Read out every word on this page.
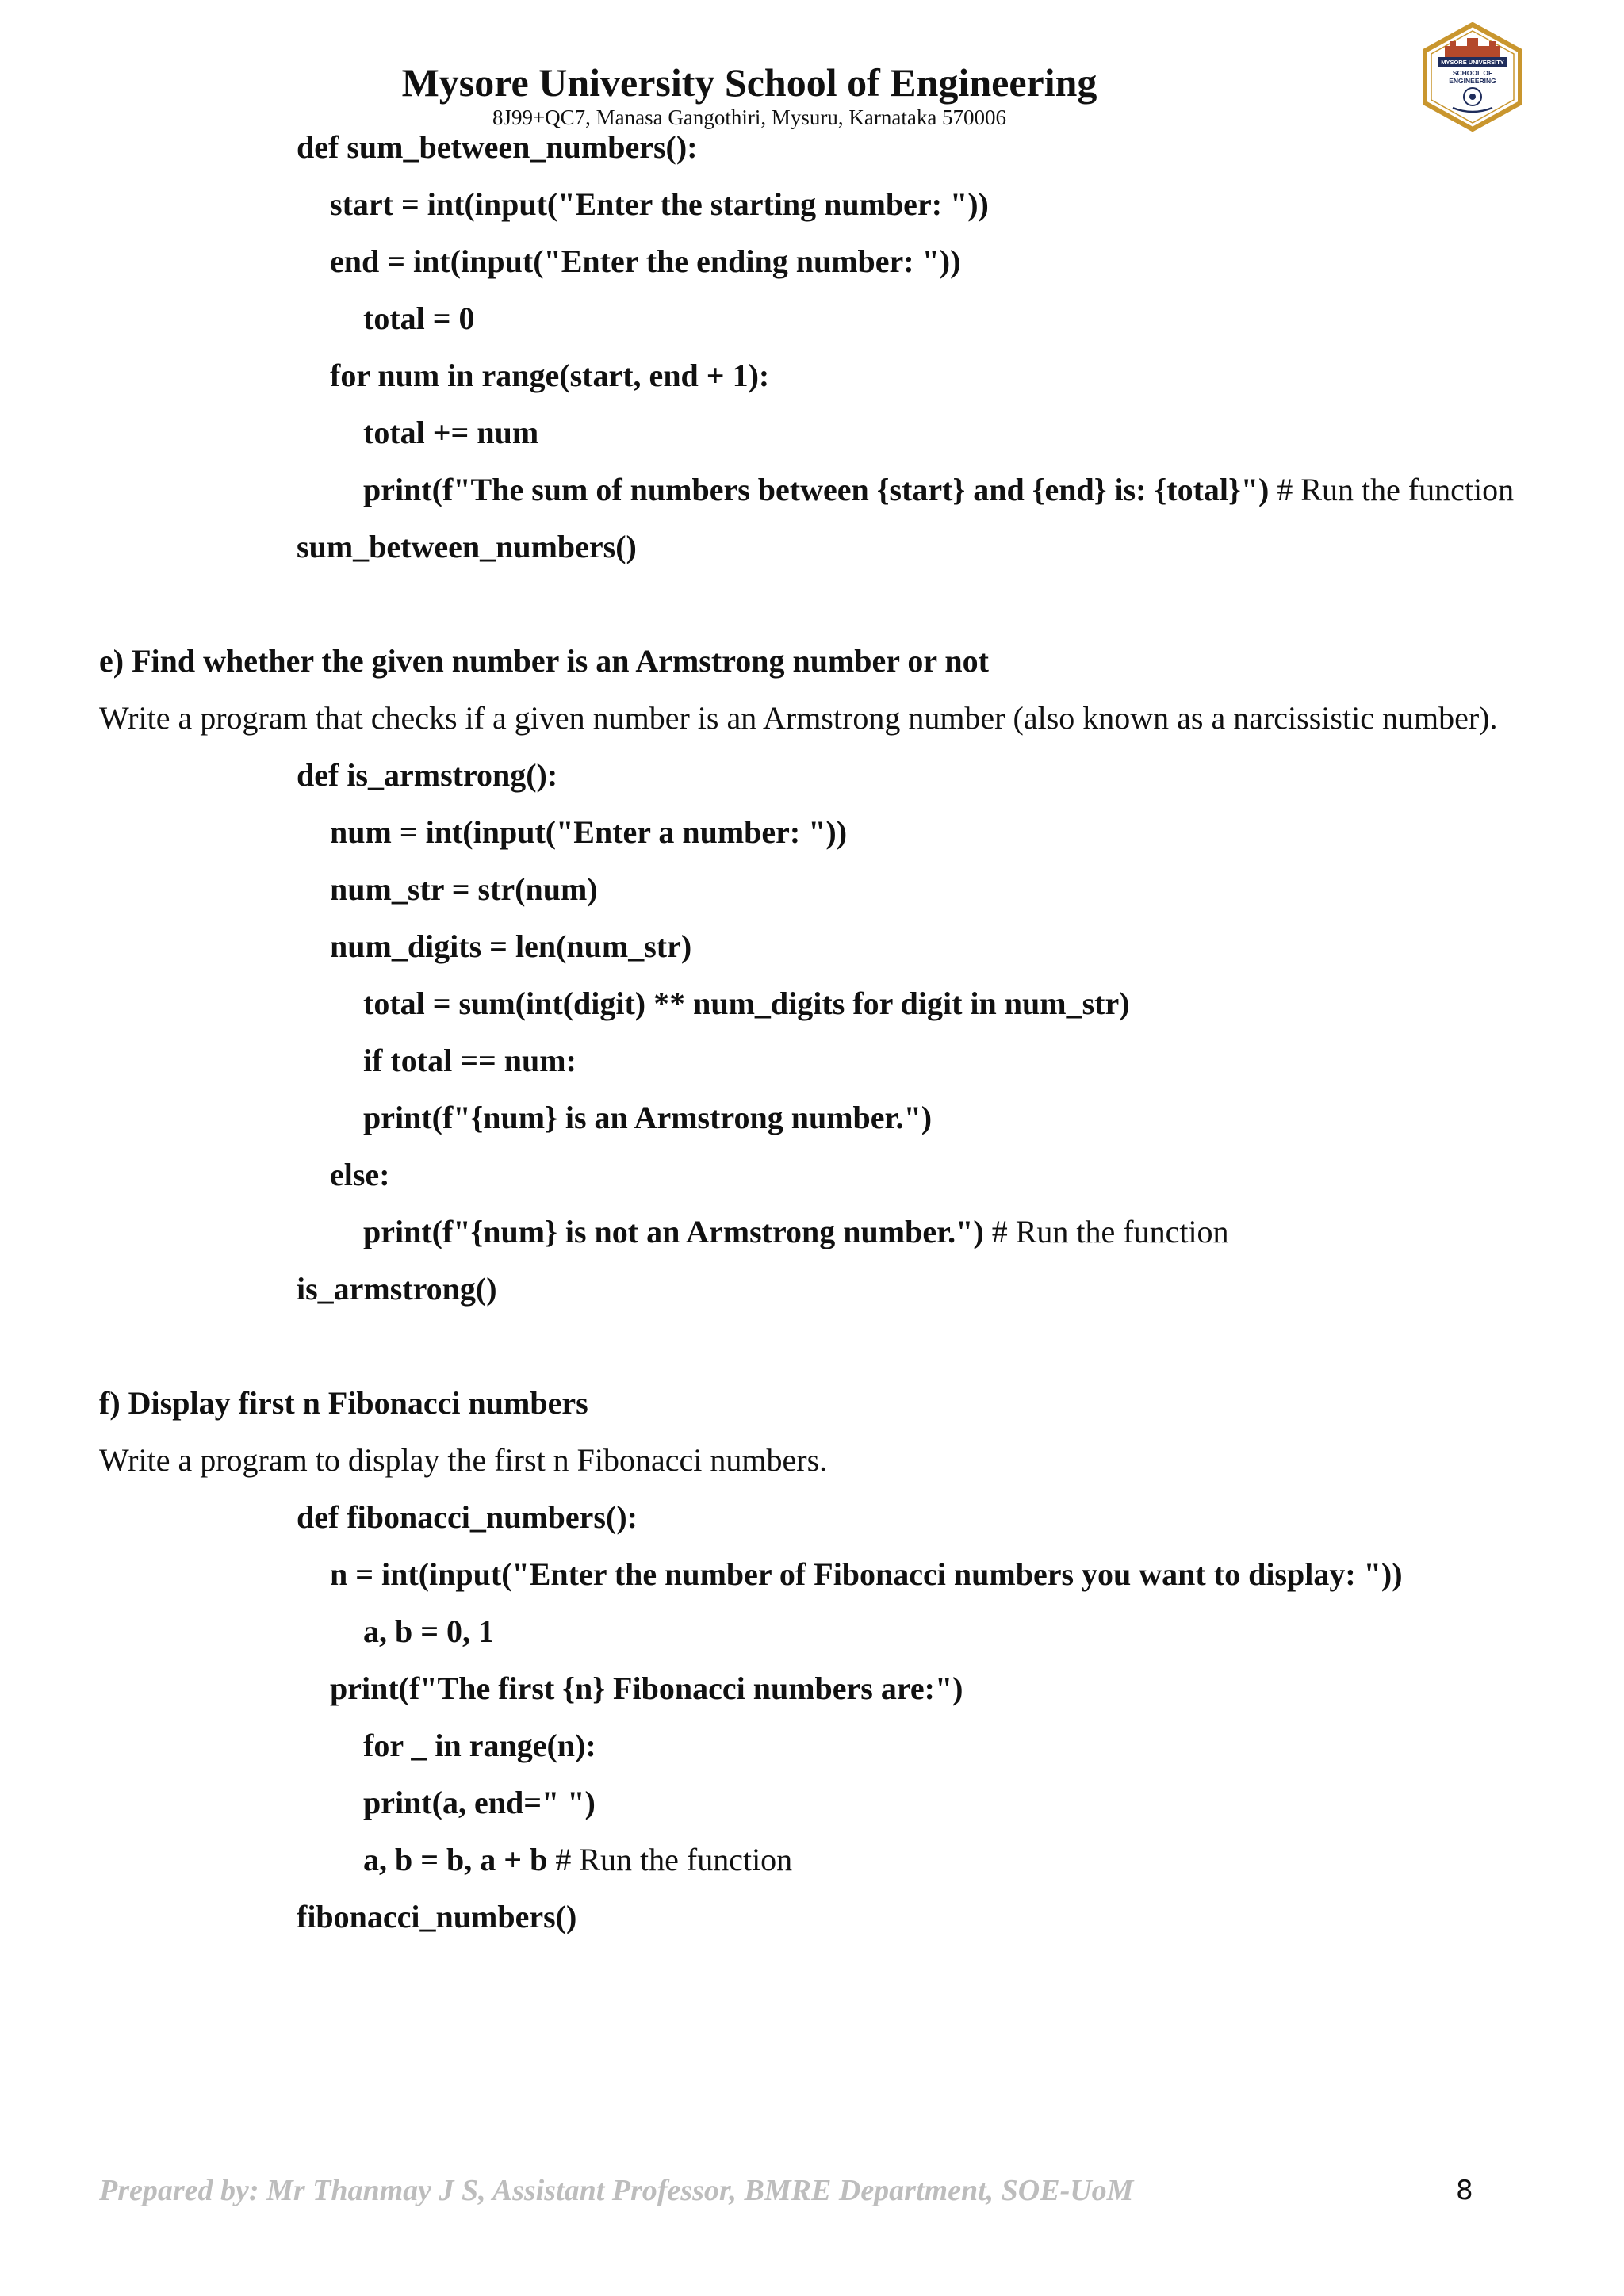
Mysore University School of Engineering
8J99+QC7, Manasa Gangothiri, Mysuru, Karnataka 570006
MYSORE UNIVERSITY
SCHOOL OF
ENGINEERING
def sum_between_numbers():
start = int(input("Enter the starting number: "))
end = int(input("Enter the ending number: "))
total = 0
for num in range(start, end + 1):
total += num
print(f"The sum of numbers between {start} and {end} is: {total}") # Run the function
sum_between_numbers()
e) Find whether the given number is an Armstrong number or not
Write a program that checks if a given number is an Armstrong number (also known as a narcissistic number).
def is_armstrong():
num = int(input("Enter a number: "))
num_str = str(num)
num_digits = len(num_str)
total = sum(int(digit) ** num_digits for digit in num_str)
if total == num:
print(f"{num} is an Armstrong number.")
else:
print(f"{num} is not an Armstrong number.") # Run the function
is_armstrong()
f) Display first n Fibonacci numbers
Write a program to display the first n Fibonacci numbers.
def fibonacci_numbers():
n = int(input("Enter the number of Fibonacci numbers you want to display: "))
a, b = 0, 1
print(f"The first {n} Fibonacci numbers are:")
for _ in range(n):
print(a, end=" ")
a, b = b, a + b # Run the function
fibonacci_numbers()
Prepared by: Mr Thanmay J S, Assistant Professor, BMRE Department, SOE-UoM	8
